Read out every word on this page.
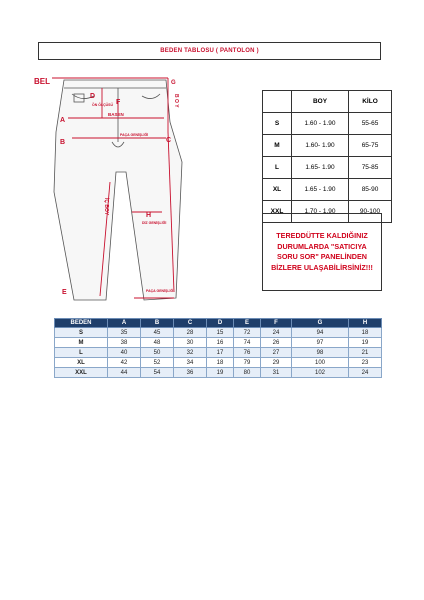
BEDEN TABLOSU ( PANTOLON )
BEL	G
D
F
A
B	C
H
E
ÖN ÖLÇÜSÜ
BASEN
PAÇA GENİŞLİĞİ
DİZ GENİŞLİĞİ
PAÇA GENİŞLİĞİ
B O Y
İÇ BOY
	BOY	KİLO
S	1.60 - 1.90	55-65
M	1.60- 1.90	65-75
L	1.65- 1.90	75-85
XL	1.65 - 1.90	85-90
XXL	1.70 - 1.90	90-100
TEREDDÜTTE KALDIĞINIZ DURUMLARDA "SATICIYA SORU SOR" PANELİNDEN BİZLERE ULAŞABİLİRSİNİZ!!!
BEDEN	A	B	C	D	E	F	G	H
S	35	45	28	15	72	24	94	18
M	38	48	30	16	74	26	97	19
L	40	50	32	17	76	27	98	21
XL	42	52	34	18	79	29	100	23
XXL	44	54	36	19	80	31	102	24
